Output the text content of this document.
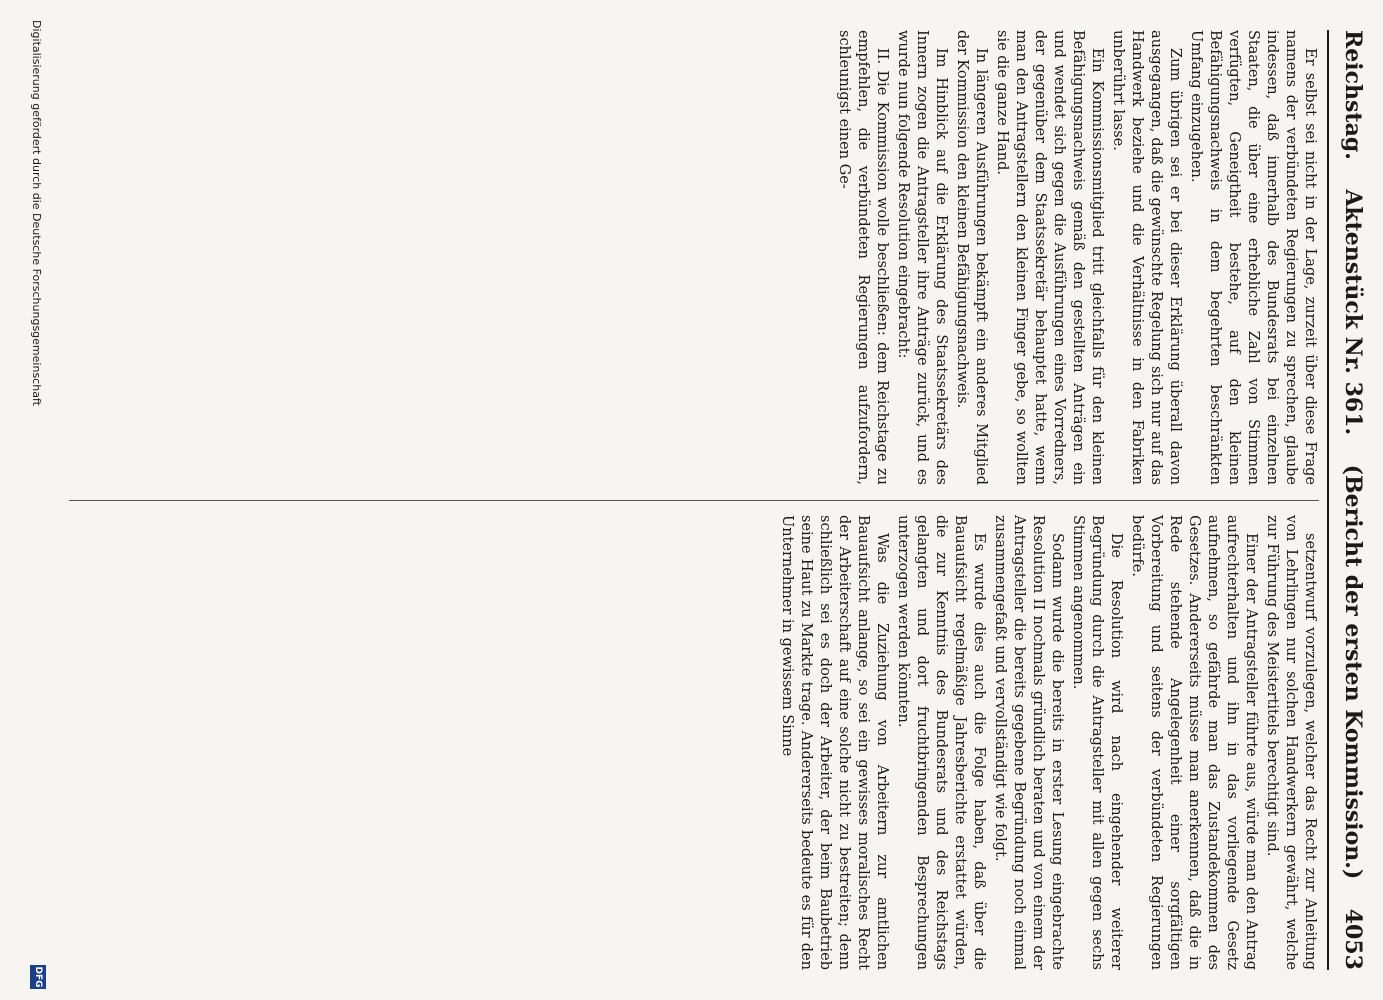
Reichstag.
Aktenstück Nr. 361.
(Bericht der ersten Kommission.)
4053

Er selbst sei nicht in der Lage, zurzeit über diese Frage namens der verbündeten Regierungen zu sprechen, glaube indessen, daß innerhalb des Bundesrats bei einzelnen Staaten, die über eine erhebliche Zahl von Stimmen verfügten, Geneigtheit bestehe, auf den kleinen Befähigungsnachweis in dem begehrten beschränkten Umfang einzugehen.

Zum übrigen sei er bei dieser Erklärung überall davon ausgegangen, daß die gewünschte Regelung sich nur auf das Handwerk beziehe und die Verhältnisse in den Fabriken unberührt lasse.

Ein Kommissionsmitglied tritt gleichfalls für den kleinen Befähigungsnachweis gemäß den gestellten Anträgen ein und wendet sich gegen die Ausführungen eines Vorredners, der gegenüber dem Staatssekretär behauptet hatte, wenn man den Antragstellern den kleinen Finger gebe, so wollten sie die ganze Hand.

In längeren Ausführungen bekämpft ein anderes Mitglied der Kommission den kleinen Befähigungsnachweis.

Im Hinblick auf die Erklärung des Staatssekretärs des Innern zogen die Antragsteller ihre Anträge zurück, und es wurde nun folgende Resolution eingebracht:

II. Die Kommission wolle beschließen: dem Reichstage zu empfehlen, die verbündeten Regierungen aufzufordern, schleunigst einen Ge-

setzentwurf vorzulegen, welcher das Recht zur Anleitung von Lehrlingen nur solchen Handwerkern gewährt, welche zur Führung des Meistertitels berechtigt sind.

Einer der Antragsteller führte aus, würde man den Antrag aufrechterhalten und ihn in das vorliegende Gesetz aufnehmen, so gefährde man das Zustandekommen des Gesetzes. Andererseits müsse man anerkennen, daß die in Rede stehende Angelegenheit einer sorgfältigen Vorbereitung und seitens der verbündeten Regierungen bedürfe.

Die Resolution wird nach eingehender weiterer Begründung durch die Antragsteller mit allen gegen sechs Stimmen angenommen.

Sodann wurde die bereits in erster Lesung eingebrachte Resolution II nochmals gründlich beraten und von einem der Antragsteller die bereits gegebene Begründung noch einmal zusammengefaßt und vervollständigt wie folgt.

Es wurde dies auch die Folge haben, daß über die Bauaufsicht regelmäßige Jahresberichte erstattet würden, die zur Kenntnis des Bundesrats und des Reichstags gelangten und dort fruchtbringenden Besprechungen unterzogen werden könnten.

Was die Zuziehung von Arbeitern zur amtlichen Bauaufsicht anlange, so sei ein gewisses moralisches Recht der Arbeiterschaft auf eine solche nicht zu bestreiten; denn schließlich sei es doch der Arbeiter, der beim Baubetrieb seine Haut zu Markte trage. Andererseits bedeute es für den Unternehmer in gewissem Sinne

Digitalisierung gefördert durch die Deutsche Forschungsgemeinschaft
DFG
